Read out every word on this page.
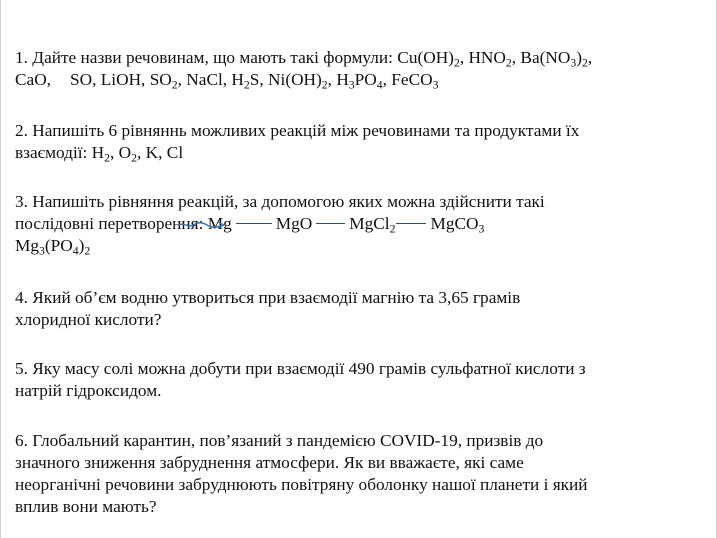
1. Дайте назви речовинам, що мають такі формули: $Cu(OH)_2$, $HNO_2$, $Ba(NO_3)_2$,
CaO, SO, LiOH, $SO_2$, NaCl, $H_2S$, $Ni(OH)_2$, $H_3PO_4$, FeCO$_3$
2. Напишіть 6 рівняннь можливих реакцій між речовинами та продуктами їх
взаємодії: $H_2$, $O_2$, K, Cl
3. Напишіть рівняння реакцій, за допомогою яких можна здійснити такі
послідовні перетворення: Mg	MgO MgCl$_2$ MgCO$_3$
$Mg_3(PO_4)_2$
4. Який об’єм водню утвориться при взаємодії магнію та 3,65 грамів
хлоридної кислоти?
5. Яку масу солі можна добути при взаємодії 490 грамів сульфатної кислоти з
натрій гідроксидом.
6. Глобальний карантин, пов’язаний з пандемією COVID-19, призвів до
значного зниження забруднення атмосфери. Як ви вважаєте, які саме
неорганічні речовини забруднюють повітряну оболонку нашої планети і який
вплив вони мають?
